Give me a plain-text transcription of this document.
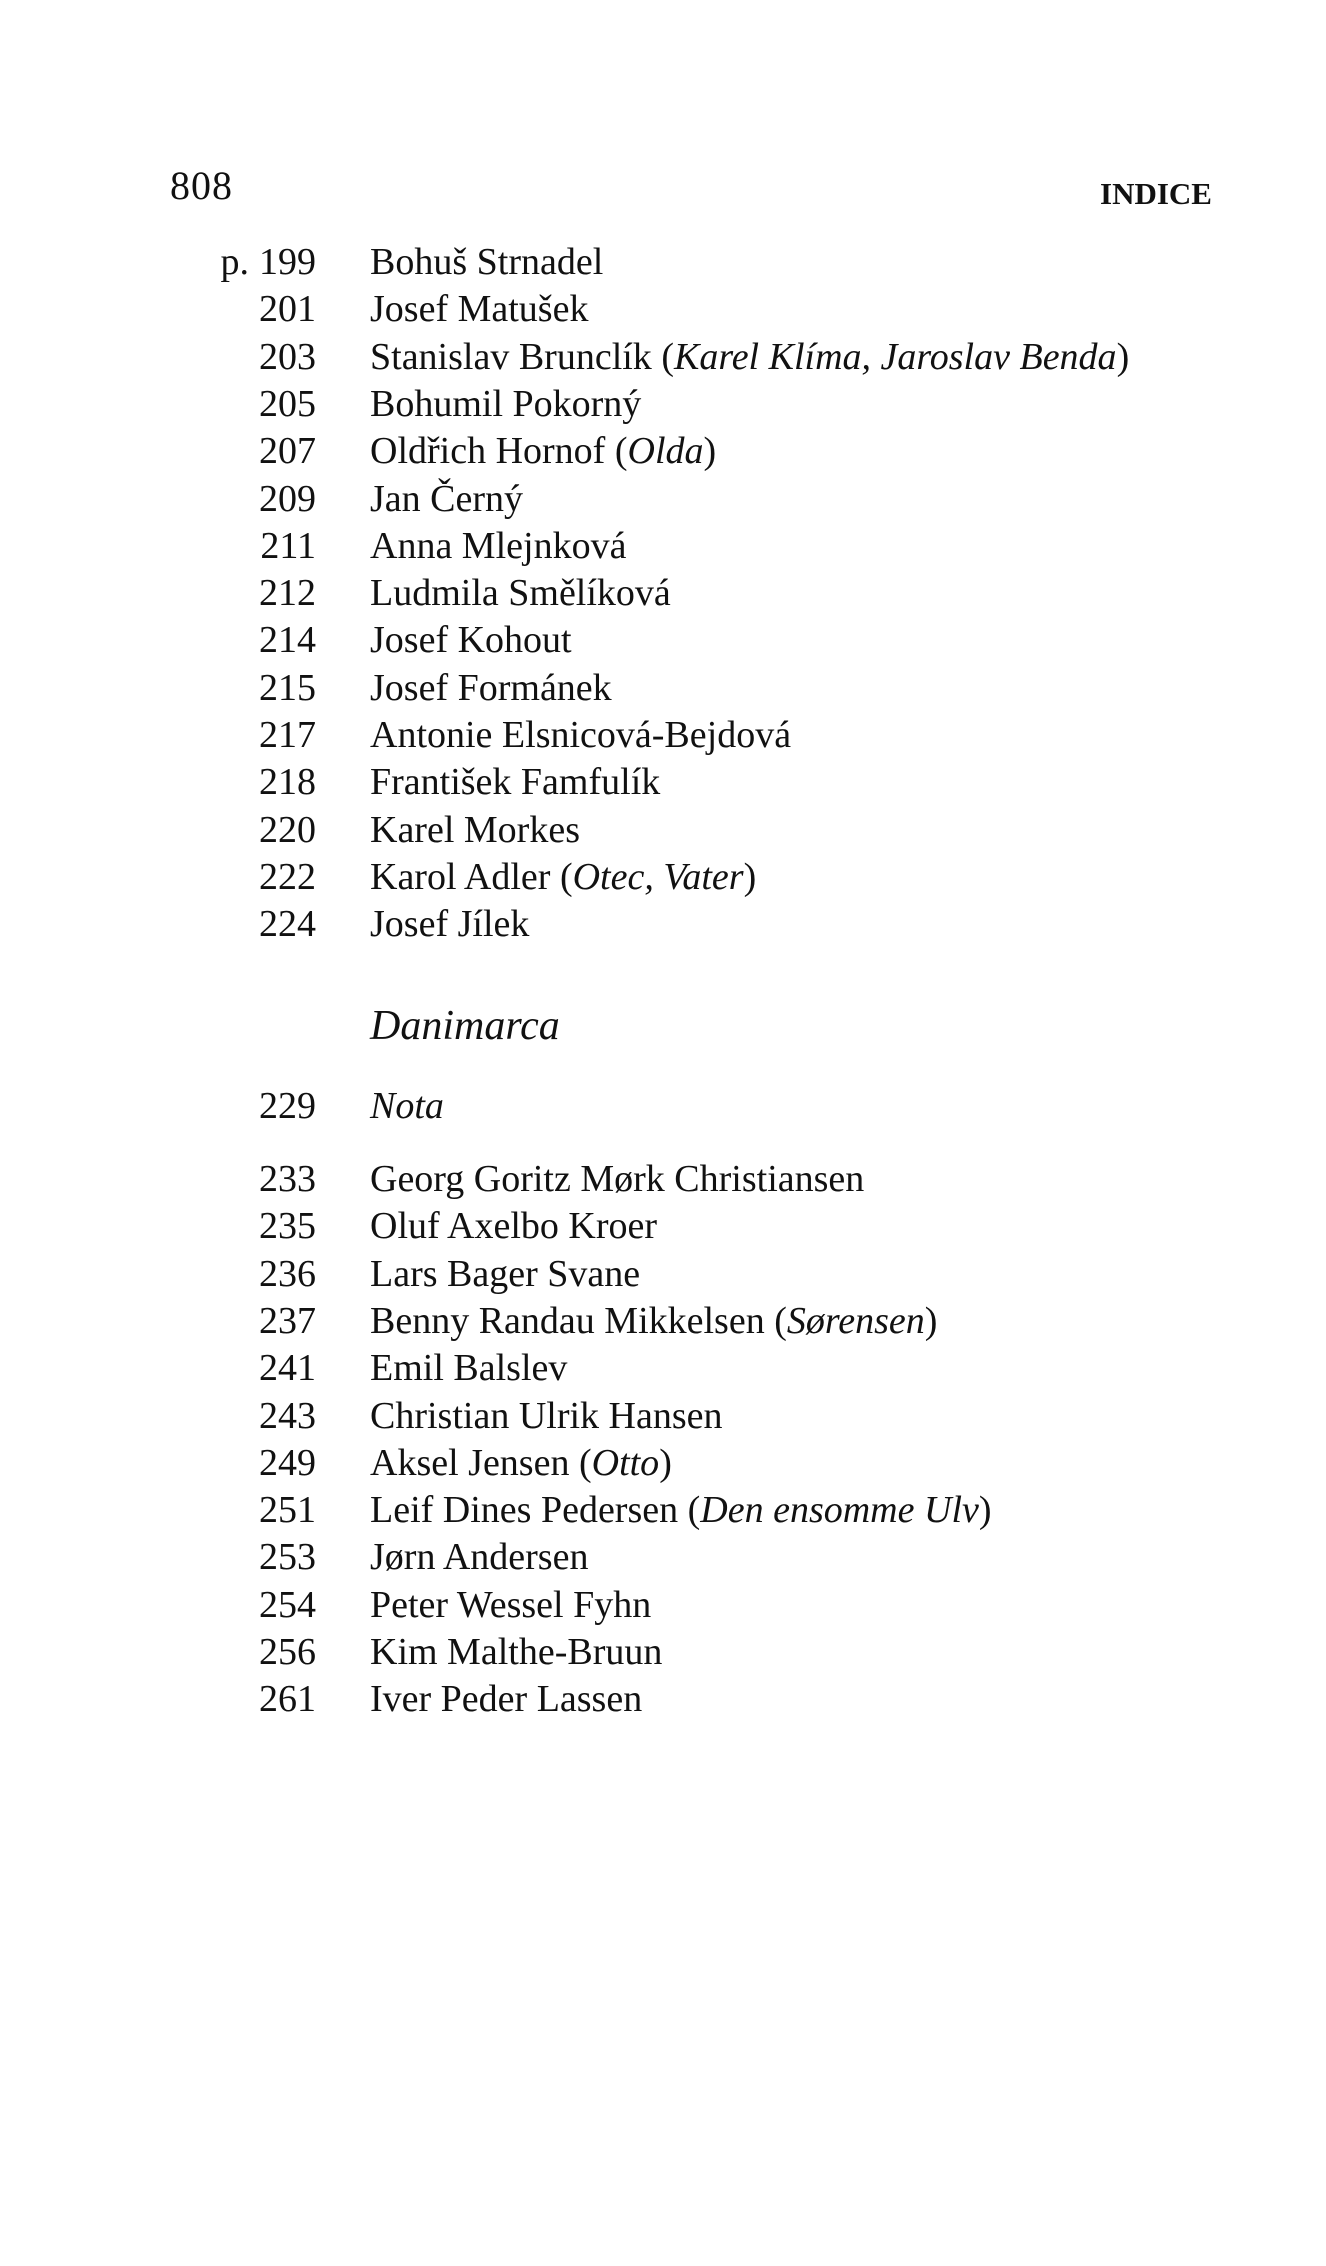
808	INDICE
p. 199 Bohuš Strnadel
201 Josef Matušek
203 Stanislav Brunclík (Karel Klíma, Jaroslav Benda)
205 Bohumil Pokorný
207 Oldřich Hornof (Olda)
209 Jan Černý
211 Anna Mlejnková
212 Ludmila Smělíková
214 Josef Kohout
215 Josef Formánek
217 Antonie Elsnicová-Bejdová
218 František Famfulík
220 Karel Morkes
222 Karol Adler (Otec, Vater)
224 Josef Jílek
229 Nota
233 Georg Goritz Mørk Christiansen
235 Oluf Axelbo Kroer
236 Lars Bager Svane
237 Benny Randau Mikkelsen (Sørensen)
241 Emil Balslev
243 Christian Ulrik Hansen
249 Aksel Jensen (Otto)
251 Leif Dines Pedersen (Den ensomme Ulv)
253 Jørn Andersen
254 Peter Wessel Fyhn
256 Kim Malthe-Bruun
261 Iver Peder Lassen
Danimarca
